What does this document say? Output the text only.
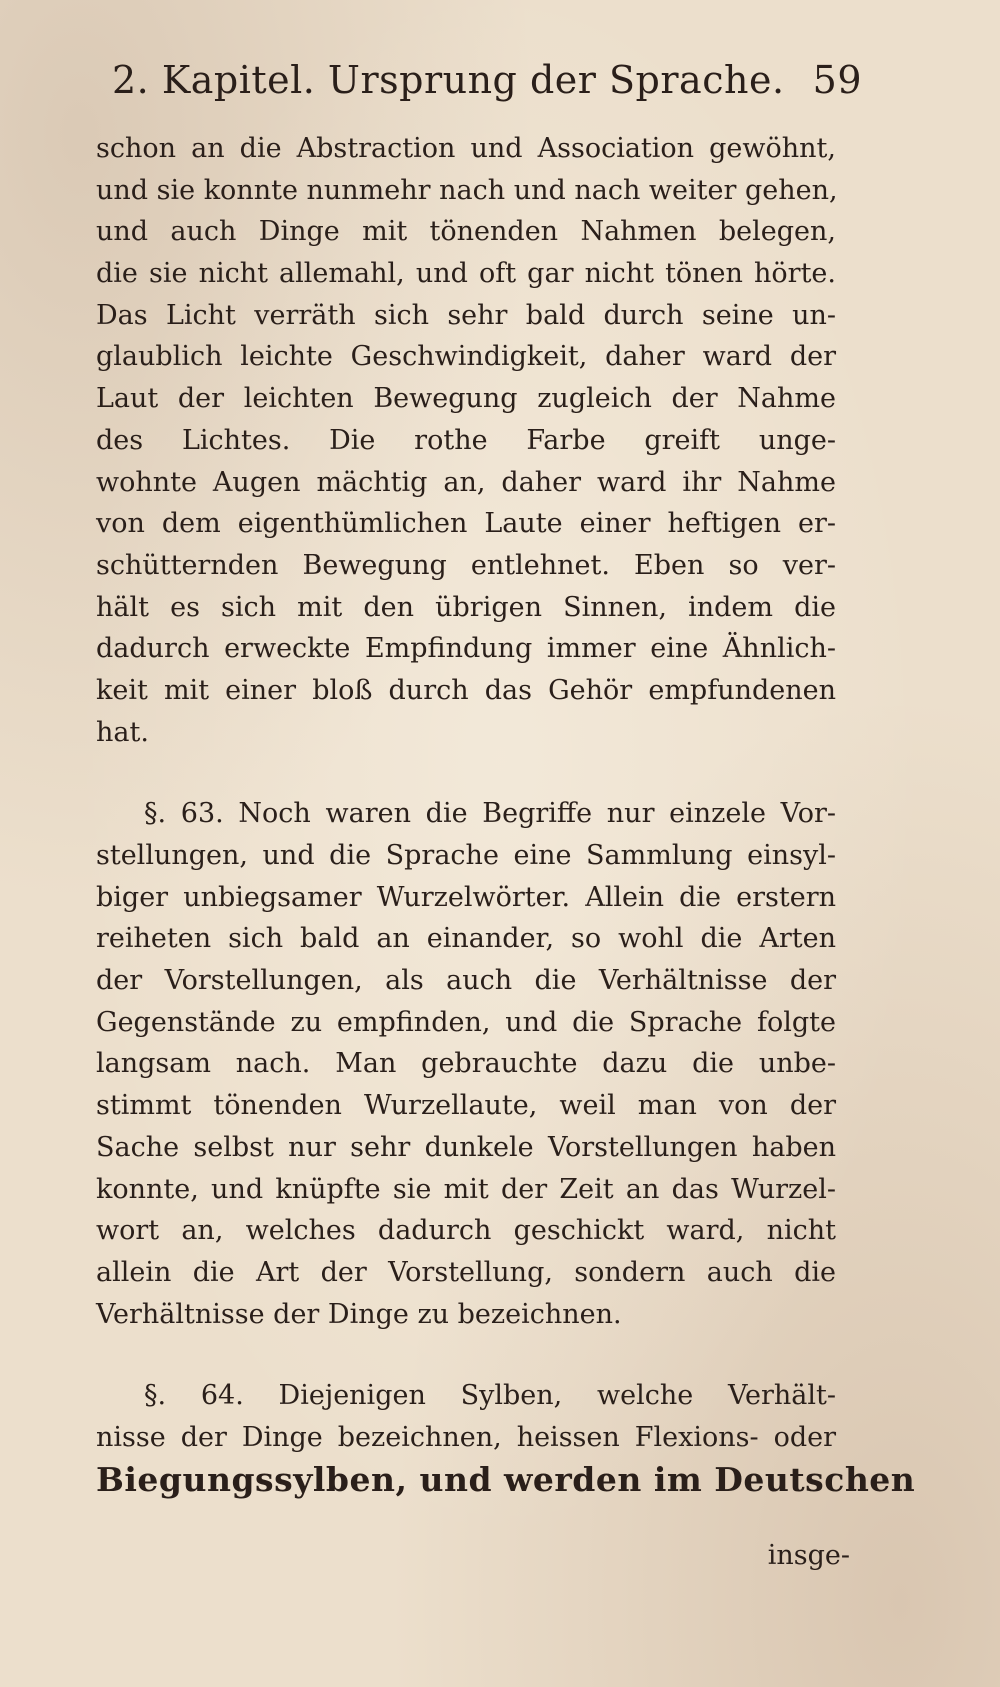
2. Kapitel. Ursprung der Sprache. 59
schon an die Abstraction und Association gewöhnt,
und sie konnte nunmehr nach und nach weiter gehen,
und auch Dinge mit tönenden Nahmen belegen,
die sie nicht allemahl, und oft gar nicht tönen hörte.
Das Licht verräth sich sehr bald durch seine un-
glaublich leichte Geschwindigkeit, daher ward der
Laut der leichten Bewegung zugleich der Nahme
des Lichtes. Die rothe Farbe greift unge-
wohnte Augen mächtig an, daher ward ihr Nahme
von dem eigenthümlichen Laute einer heftigen er-
schütternden Bewegung entlehnet. Eben so ver-
hält es sich mit den übrigen Sinnen, indem die
dadurch erweckte Empfindung immer eine Ähnlich-
keit mit einer bloß durch das Gehör empfundenen
hat.
§. 63. Noch waren die Begriffe nur einzele Vor-
stellungen, und die Sprache eine Sammlung einsyl-
biger unbiegsamer Wurzelwörter. Allein die erstern
reiheten sich bald an einander, so wohl die Arten
der Vorstellungen, als auch die Verhältnisse der
Gegenstände zu empfinden, und die Sprache folgte
langsam nach. Man gebrauchte dazu die unbe-
stimmt tönenden Wurzellaute, weil man von der
Sache selbst nur sehr dunkele Vorstellungen haben
konnte, und knüpfte sie mit der Zeit an das Wurzel-
wort an, welches dadurch geschickt ward, nicht
allein die Art der Vorstellung, sondern auch die
Verhältnisse der Dinge zu bezeichnen.
§. 64. Diejenigen Sylben, welche Verhält-
nisse der Dinge bezeichnen, heissen Flexions- oder
Biegungssylben, und werden im Deutschen
insge-
